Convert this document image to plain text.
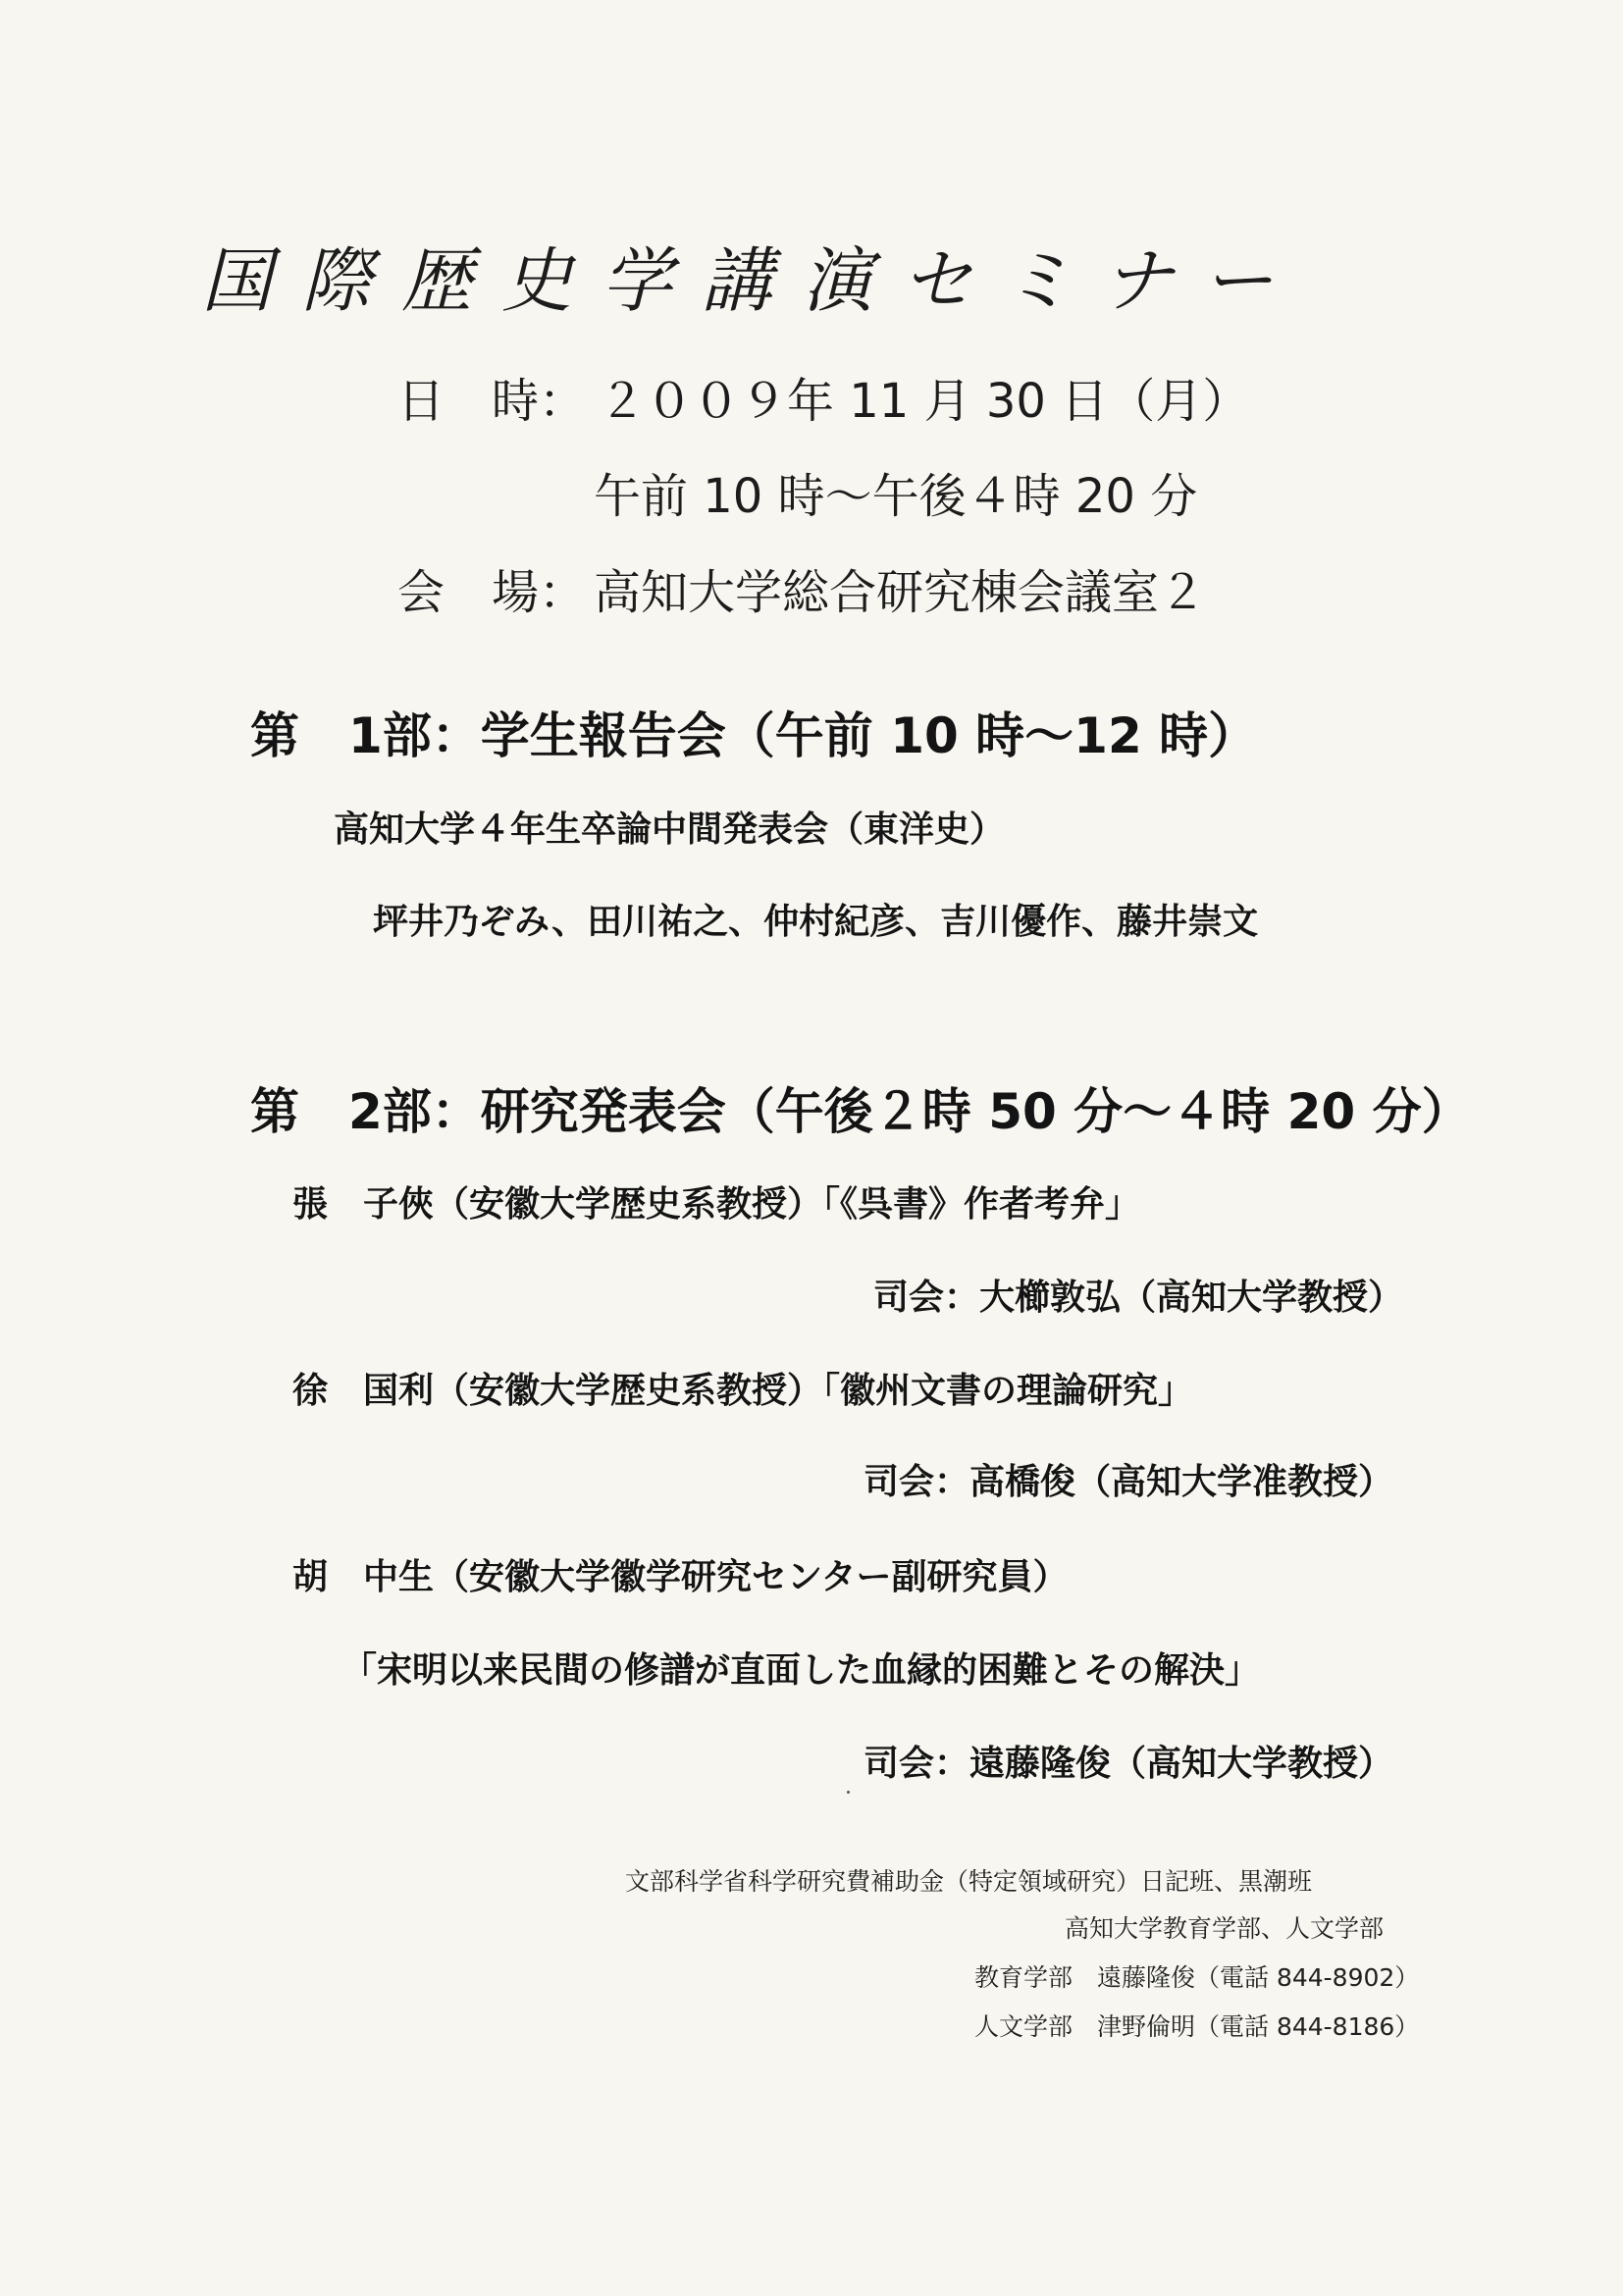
国際歴史学講演セミナー
日　時： ２００９年 11 月 30 日（月）
午前 10 時～午後４時 20 分
会　場： 高知大学総合研究棟会議室２
第　1部：学生報告会（午前 10 時～12 時）
高知大学４年生卒論中間発表会（東洋史）
坪井乃ぞみ、田川祐之、仲村紀彦、吉川優作、藤井崇文
第　2部：研究発表会（午後２時 50 分～４時 20 分）
張　子俠（安徽大学歴史系教授）「《呉書》作者考弁」
司会：大櫛敦弘（高知大学教授）
徐　国利（安徽大学歴史系教授）「徽州文書の理論研究」
司会：高橋俊（高知大学准教授）
胡　中生（安徽大学徽学研究センター副研究員）
「宋明以来民間の修譜が直面した血縁的困難とその解決」
司会：遠藤隆俊（高知大学教授）
文部科学省科学研究費補助金（特定領域研究）日記班、黒潮班
高知大学教育学部、人文学部
教育学部　遠藤隆俊（電話 844-8902）
人文学部　津野倫明（電話 844-8186）
